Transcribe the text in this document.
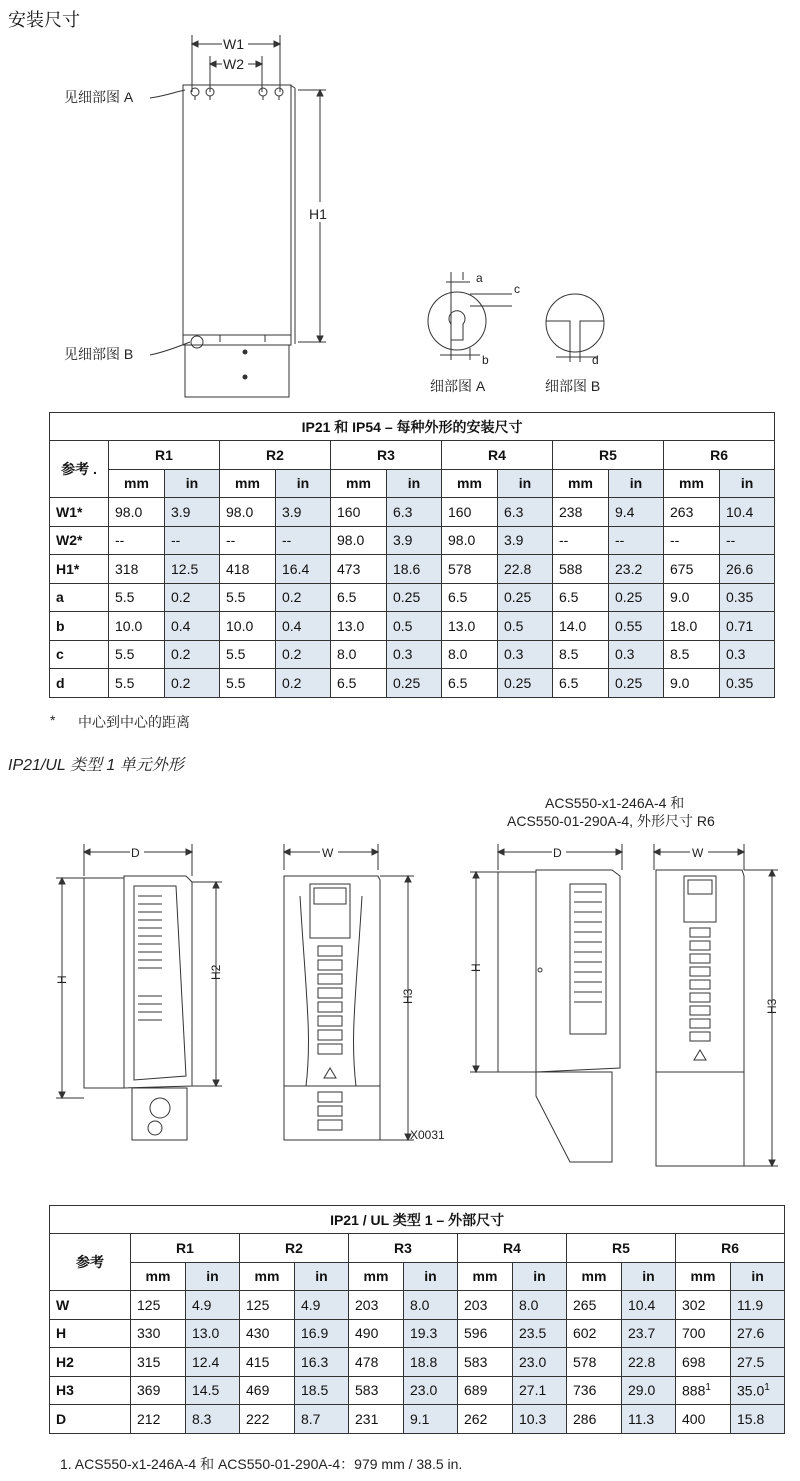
安装尺寸
W1
W2
H1
见细部图 A
见细部图 B
a
c
b
细部图 A
d
细部图 B
IP21 和 IP54 – 每种外形的安装尺寸												
参考 .	R1		R2		R3		R4		R5		R6	
	mm	in	mm	in	mm	in	mm	in	mm	in	mm	in
W1*	98.0	3.9	98.0	3.9	160	6.3	160	6.3	238	9.4	263	10.4
W2*	--	--	--	--	98.0	3.9	98.0	3.9	--	--	--	--
H1*	318	12.5	418	16.4	473	18.6	578	22.8	588	23.2	675	26.6
a	5.5	0.2	5.5	0.2	6.5	0.25	6.5	0.25	6.5	0.25	9.0	0.35
b	10.0	0.4	10.0	0.4	13.0	0.5	13.0	0.5	14.0	0.55	18.0	0.71
c	5.5	0.2	5.5	0.2	8.0	0.3	8.0	0.3	8.5	0.3	8.5	0.3
d	5.5	0.2	5.5	0.2	6.5	0.25	6.5	0.25	6.5	0.25	9.0	0.35
* 中心到中心的距离
IP21/UL 类型 1 单元外形
ACS550-x1-246A-4 和
ACS550-01-290A-4, 外形尺寸 R6
D
H	H2
W
H3
X0031
D
H
W
H3
IP21 / UL 类型 1 – 外部尺寸												
参考	R1		R2		R3		R4		R5		R6	
	mm	in	mm	in	mm	in	mm	in	mm	in	mm	in
W	125	4.9	125	4.9	203	8.0	203	8.0	265	10.4	302	11.9
H	330	13.0	430	16.9	490	19.3	596	23.5	602	23.7	700	27.6
H2	315	12.4	415	16.3	478	18.8	583	23.0	578	22.8	698	27.5
H3	369	14.5	469	18.5	583	23.0	689	27.1	736	29.0	$888^1$	35.0$^1$
D	212	8.3	222	8.7	231	9.1	262	10.3	286	11.3	400	15.8
1. ACS550-x1-246A-4 和 ACS550-01-290A-4：979 mm / 38.5 in.
